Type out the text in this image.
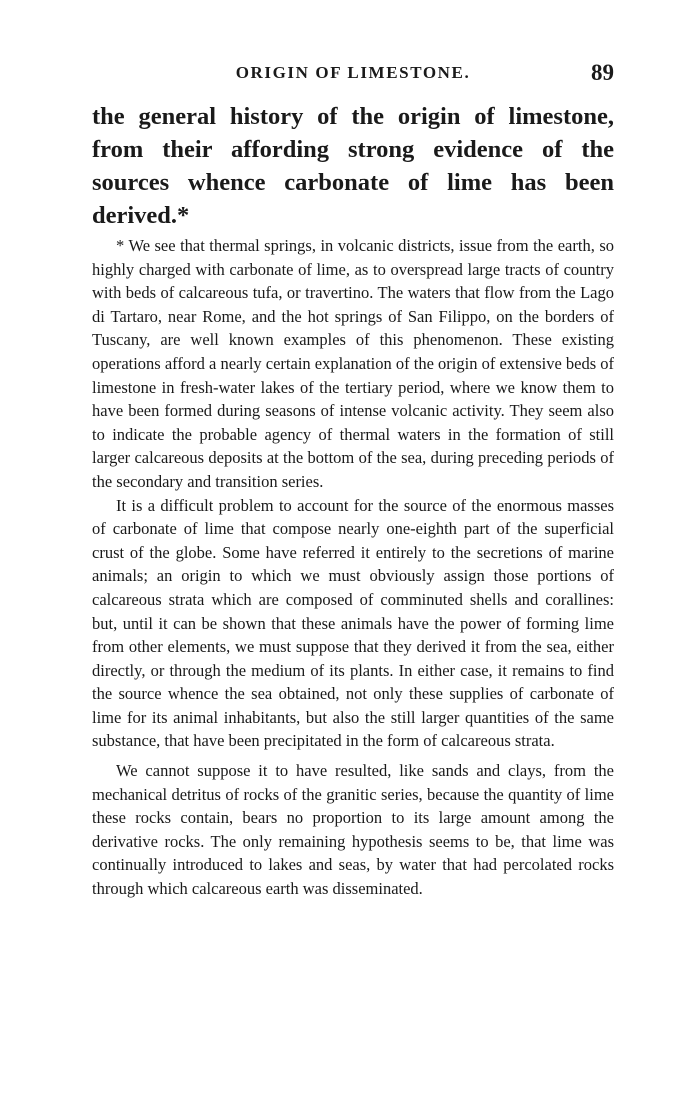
ORIGIN OF LIMESTONE.	89

the general history of the origin of limestone, from their affording strong evidence of the sources whence carbonate of lime has been derived.*

* We see that thermal springs, in volcanic districts, issue from the earth, so highly charged with carbonate of lime, as to overspread large tracts of country with beds of calcareous tufa, or travertino. The waters that flow from the Lago di Tartaro, near Rome, and the hot springs of San Filippo, on the borders of Tuscany, are well known examples of this phenomenon. These existing operations afford a nearly certain explanation of the origin of extensive beds of limestone in fresh-water lakes of the tertiary period, where we know them to have been formed during seasons of intense volcanic activity. They seem also to indicate the probable agency of thermal waters in the formation of still larger calcareous deposits at the bottom of the sea, during preceding periods of the secondary and transition series.

It is a difficult problem to account for the source of the enormous masses of carbonate of lime that compose nearly one-eighth part of the superficial crust of the globe. Some have referred it entirely to the secretions of marine animals; an origin to which we must obviously assign those portions of calcareous strata which are composed of comminuted shells and corallines: but, until it can be shown that these animals have the power of forming lime from other elements, we must suppose that they derived it from the sea, either directly, or through the medium of its plants. In either case, it remains to find the source whence the sea obtained, not only these supplies of carbonate of lime for its animal inhabitants, but also the still larger quantities of the same substance, that have been precipitated in the form of calcareous strata.

We cannot suppose it to have resulted, like sands and clays, from the mechanical detritus of rocks of the granitic series, because the quantity of lime these rocks contain, bears no proportion to its large amount among the derivative rocks. The only remaining hypothesis seems to be, that lime was continually introduced to lakes and seas, by water that had percolated rocks through which calcareous earth was disseminated.
